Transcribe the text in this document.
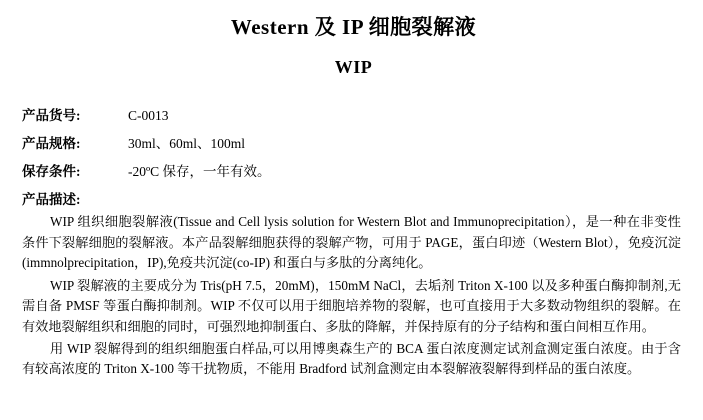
Western 及 IP 细胞裂解液
WIP
产品货号:	C-0013
产品规格:	30ml、60ml、100ml
保存条件:	-20ºC 保存，一年有效。
产品描述:

WIP 组织细胞裂解液(Tissue and Cell lysis solution for Western Blot and Immunoprecipitation），是一种在非变性条件下裂解细胞的裂解液。本产品裂解细胞获得的裂解产物，可用于 PAGE，蛋白印迹（Western Blot），免疫沉淀(immnolprecipitation，IP),免疫共沉淀(co-IP) 和蛋白与多肽的分离纯化。

WIP 裂解液的主要成分为 Tris(pH 7.5，20mM)，150mM NaCl，去垢剂 Triton X-100 以及多种蛋白酶抑制剂,无需自备 PMSF 等蛋白酶抑制剂。WIP 不仅可以用于细胞培养物的裂解，也可直接用于大多数动物组织的裂解。在有效地裂解组织和细胞的同时，可强烈地抑制蛋白、多肽的降解，并保持原有的分子结构和蛋白间相互作用。

用 WIP 裂解得到的组织细胞蛋白样品,可以用博奥森生产的 BCA 蛋白浓度测定试剂盒测定蛋白浓度。由于含有较高浓度的 Triton X-100 等干扰物质，不能用 Bradford 试剂盒测定由本裂解液裂解得到样品的蛋白浓度。
